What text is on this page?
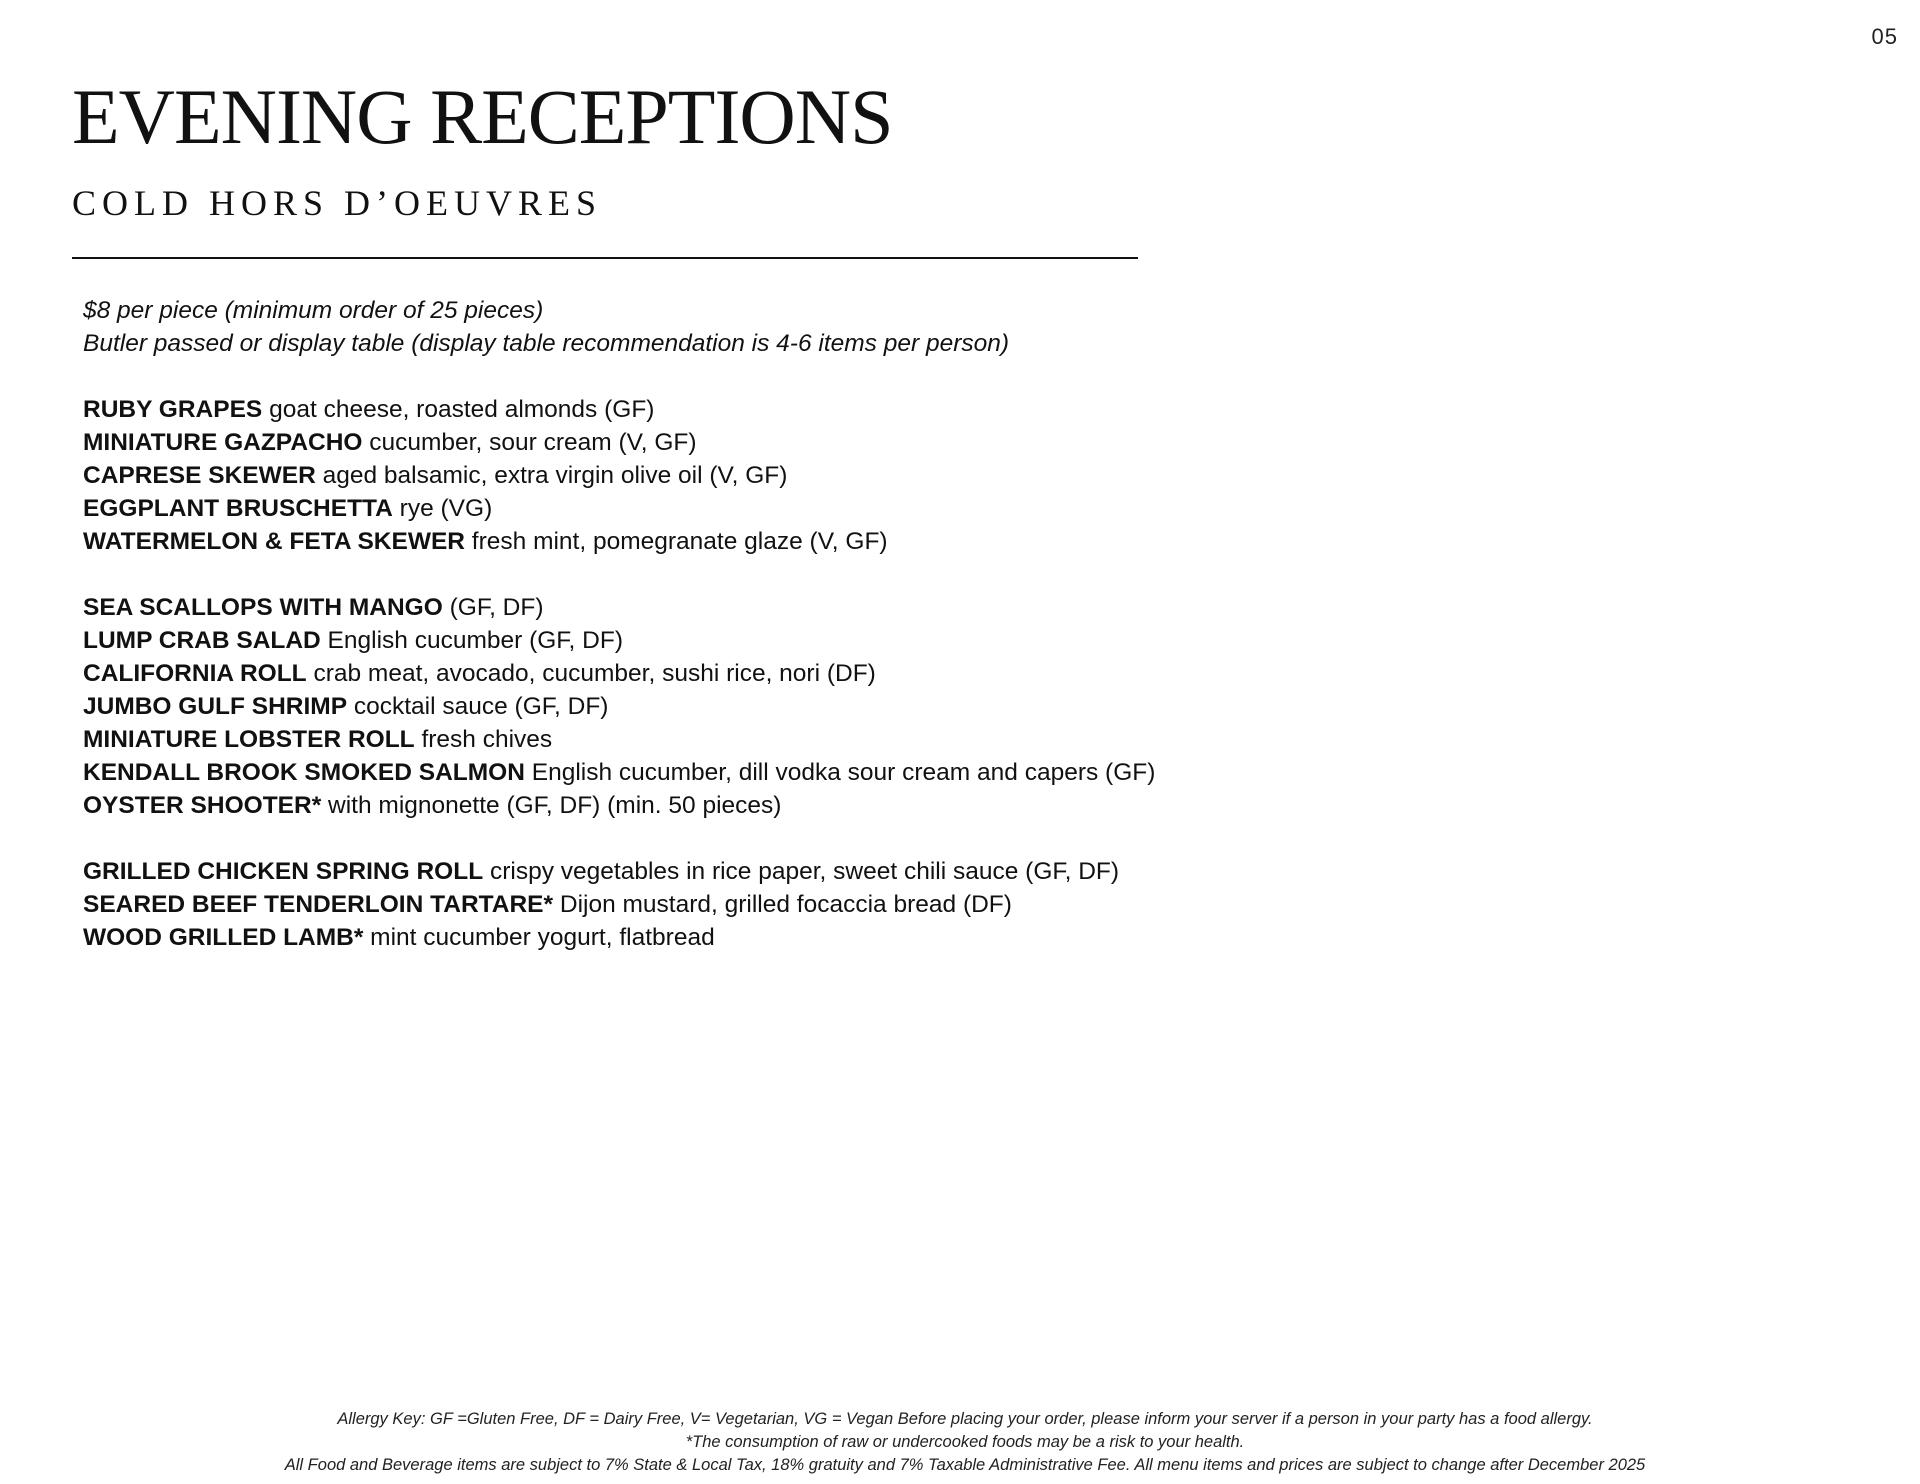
05
EVENING RECEPTIONS
COLD HORS D’OEUVRES

$8 per piece (minimum order of 25 pieces)

Butler passed or display table (display table recommendation is 4-6 items per person)

RUBY GRAPES goat cheese, roasted almonds (GF)

MINIATURE GAZPACHO cucumber, sour cream (V, GF)

CAPRESE SKEWER aged balsamic, extra virgin olive oil (V, GF)

EGGPLANT BRUSCHETTA rye (VG)

WATERMELON & FETA SKEWER fresh mint, pomegranate glaze (V, GF)

SEA SCALLOPS WITH MANGO (GF, DF)

LUMP CRAB SALAD English cucumber (GF, DF)

CALIFORNIA ROLL crab meat, avocado, cucumber, sushi rice, nori (DF)

JUMBO GULF SHRIMP cocktail sauce (GF, DF)

MINIATURE LOBSTER ROLL fresh chives

KENDALL BROOK SMOKED SALMON English cucumber, dill vodka sour cream and capers (GF)

OYSTER SHOOTER* with mignonette (GF, DF) (min. 50 pieces)

GRILLED CHICKEN SPRING ROLL crispy vegetables in rice paper, sweet chili sauce (GF, DF)

SEARED BEEF TENDERLOIN TARTARE* Dijon mustard, grilled focaccia bread (DF)

WOOD GRILLED LAMB* mint cucumber yogurt, flatbread

Allergy Key: GF =Gluten Free, DF = Dairy Free, V= Vegetarian, VG = Vegan Before placing your order, please inform your server if a person in your party has a food allergy.

*The consumption of raw or undercooked foods may be a risk to your health.

All Food and Beverage items are subject to 7% State & Local Tax, 18% gratuity and 7% Taxable Administrative Fee. All menu items and prices are subject to change after December 2025
